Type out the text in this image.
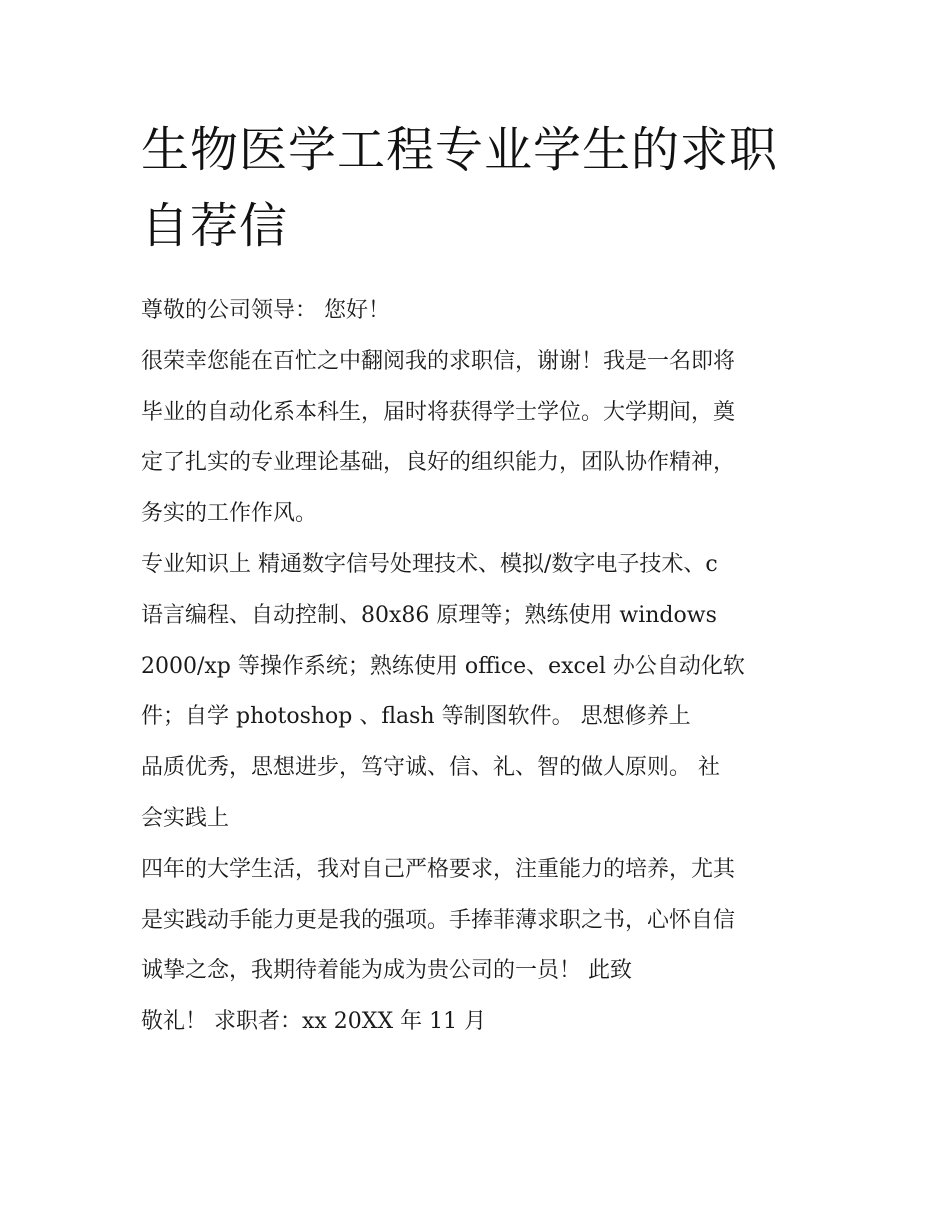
生物医学工程专业学生的求职
自荐信
尊敬的公司领导： 您好！
很荣幸您能在百忙之中翻阅我的求职信，谢谢！我是一名即将
毕业的自动化系本科生，届时将获得学士学位。大学期间，奠
定了扎实的专业理论基础，良好的组织能力，团队协作精神，
务实的工作作风。
专业知识上 精通数字信号处理技术、模拟/数字电子技术、c
语言编程、自动控制、80x86 原理等；熟练使用 windows
2000/xp 等操作系统；熟练使用 office、excel 办公自动化软
件；自学 photoshop 、flash 等制图软件。 思想修养上
品质优秀，思想进步，笃守诚、信、礼、智的做人原则。 社
会实践上
四年的大学生活，我对自己严格要求，注重能力的培养，尤其
是实践动手能力更是我的强项。手捧菲薄求职之书，心怀自信
诚挚之念，我期待着能为成为贵公司的一员！ 此致
敬礼！ 求职者：xx 20XX 年 11 月
